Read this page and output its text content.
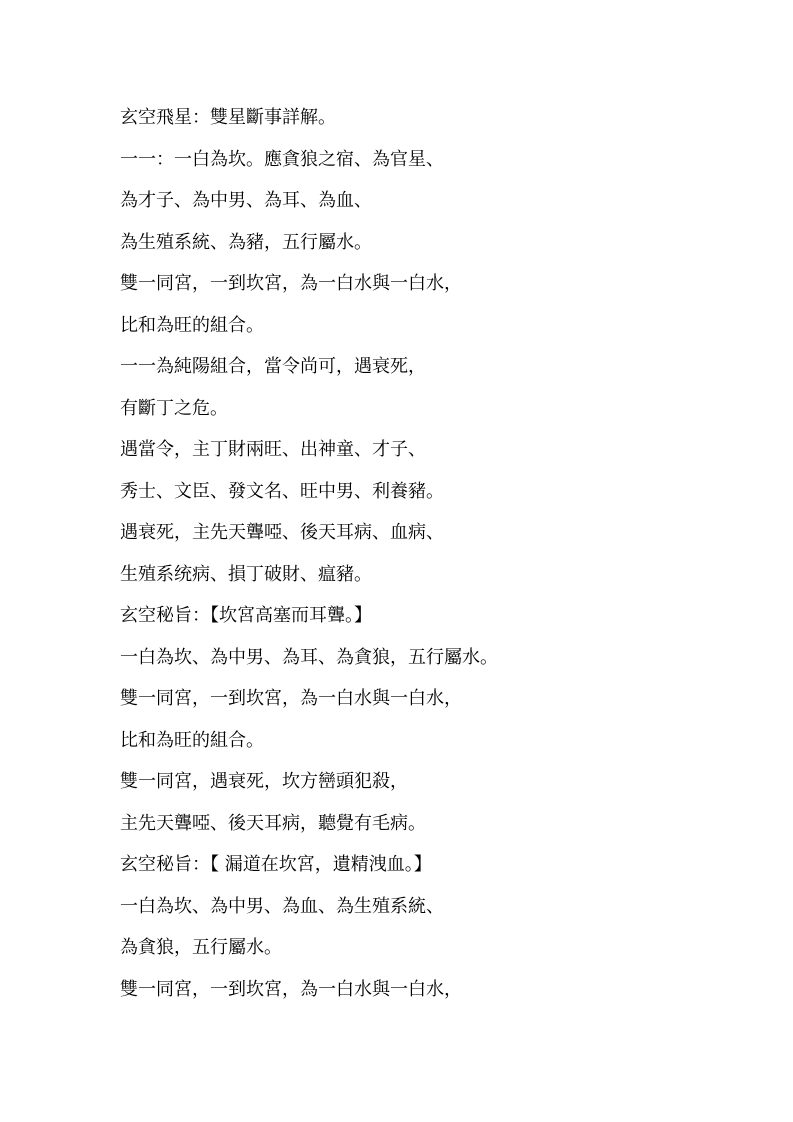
玄空飛星：雙星斷事詳解。
一一：一白為坎。應貪狼之宿、為官星、
為才子、為中男、為耳、為血、
為生殖系統、為豬，五行屬水。
雙一同宮，一到坎宮，為一白水與一白水，
比和為旺的組合。
一一為純陽組合，當令尚可，遇衰死，
有斷丁之危。
遇當令，主丁財兩旺、出神童、才子、
秀士、文臣、發文名、旺中男、利養豬。
遇衰死，主先天聾啞、後天耳病、血病、
生殖系统病、損丁破財、瘟豬。
玄空秘旨：【坎宮高塞而耳聾。】
一白為坎、為中男、為耳、為貪狼，五行屬水。
雙一同宮，一到坎宮，為一白水與一白水，
比和為旺的組合。
雙一同宮，遇衰死，坎方巒頭犯殺，
主先天聾啞、後天耳病，聽覺有毛病。
玄空秘旨：【 漏道在坎宮，遺精洩血。】
一白為坎、為中男、為血、為生殖系統、
為貪狼，五行屬水。
雙一同宮，一到坎宮，為一白水與一白水，
